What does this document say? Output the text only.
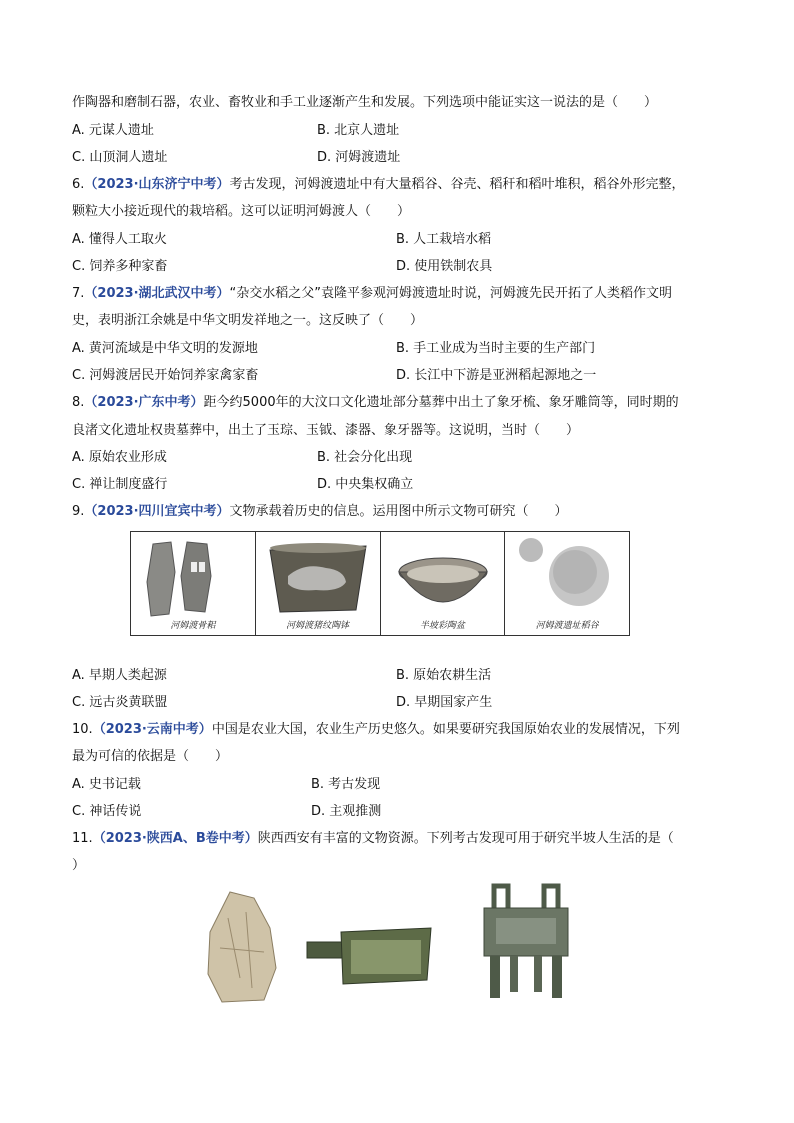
作陶器和磨制石器，农业、畜牧业和手工业逐渐产生和发展。下列选项中能证实这一说法的是（　　）
A. 元谋人遗址	B. 北京人遗址
C. 山顶洞人遗址	D. 河姆渡遗址
6.（2023·山东济宁中考）考古发现，河姆渡遗址中有大量稻谷、谷壳、稻秆和稻叶堆积，稻谷外形完整，
颗粒大小接近现代的栽培稻。这可以证明河姆渡人（　　）
A. 懂得人工取火	B. 人工栽培水稻
C. 饲养多种家畜	D. 使用铁制农具
7.（2023·湖北武汉中考）“杂交水稻之父”袁隆平参观河姆渡遗址时说，河姆渡先民开拓了人类稻作文明
史，表明浙江余姚是中华文明发祥地之一。这反映了（　　）
A. 黄河流域是中华文明的发源地	B. 手工业成为当时主要的生产部门
C. 河姆渡居民开始饲养家禽家畜	D. 长江中下游是亚洲稻起源地之一
8.（2023·广东中考）距今约5000年的大汶口文化遗址部分墓葬中出土了象牙梳、象牙雕筒等，同时期的
良渚文化遗址权贵墓葬中，出土了玉琮、玉钺、漆器、象牙器等。这说明，当时（　　）
A. 原始农业形成	B. 社会分化出现
C. 禅让制度盛行	D. 中央集权确立
9.（2023·四川宜宾中考）文物承载着历史的信息。运用图中所示文物可研究（　　）
河姆渡骨耜	河姆渡猪纹陶钵	半坡彩陶盆	河姆渡遗址稻谷
A. 早期人类起源	B. 原始农耕生活
C. 远古炎黄联盟	D. 早期国家产生
10.（2023·云南中考）中国是农业大国，农业生产历史悠久。如果要研究我国原始农业的发展情况，下列
最为可信的依据是（　　）
A. 史书记载	B. 考古发现
C. 神话传说	D. 主观推测
11.（2023·陕西A、B卷中考）陕西西安有丰富的文物资源。下列考古发现可用于研究半坡人生活的是（
）
